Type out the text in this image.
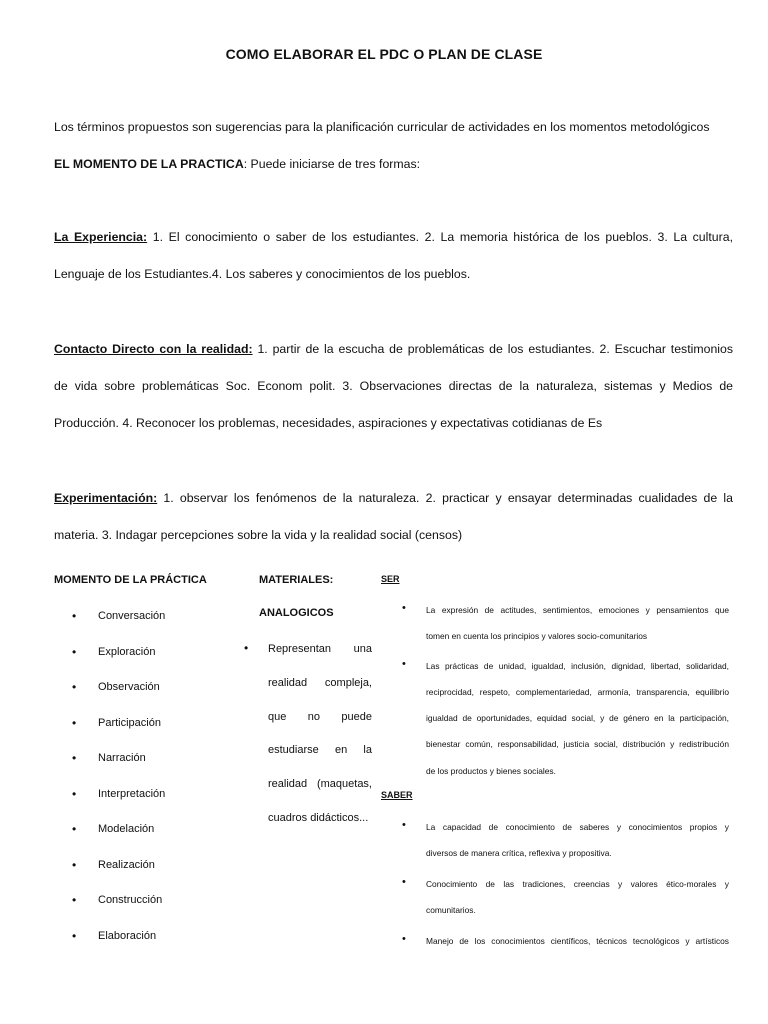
COMO ELABORAR EL PDC O PLAN DE CLASE
Los términos propuestos son sugerencias para la planificación curricular de actividades en los momentos metodológicos
EL MOMENTO DE LA PRACTICA: Puede iniciarse de tres formas:
La Experiencia: 1. El conocimiento o saber de los estudiantes. 2. La memoria histórica de los pueblos. 3. La cultura,
Lenguaje de los Estudiantes.4. Los saberes y conocimientos de los pueblos.
Contacto Directo con la realidad: 1. partir de la escucha de problemáticas de los estudiantes. 2. Escuchar testimonios
de vida sobre problemáticas Soc. Econom polit. 3. Observaciones directas de la naturaleza, sistemas y Medios de
Producción. 4. Reconocer los problemas, necesidades, aspiraciones y expectativas cotidianas de Es
Experimentación: 1. observar los fenómenos de la naturaleza. 2. practicar y ensayar determinadas cualidades de la
materia. 3. Indagar percepciones sobre la vida y la realidad social (censos)
MOMENTO DE LA PRÁCTICA
• Conversación
• Exploración
• Observación
• Participación
• Narración
• Interpretación
• Modelación
• Realización
• Construcción
• Elaboración
MATERIALES:
ANALOGICOS
• Representan una
realidad compleja,
que no puede
estudiarse en la
realidad (maquetas,
cuadros didácticos...
SER
• La expresión de actitudes, sentimientos, emociones y pensamientos que
tomen en cuenta los principios y valores socio-comunitarios
• Las prácticas de unidad, igualdad, inclusión, dignidad, libertad, solidaridad,
reciprocidad, respeto, complementariedad, armonía, transparencia, equilibrio
igualdad de oportunidades, equidad social, y de género en la participación,
bienestar común, responsabilidad, justicia social, distribución y redistribución
de los productos y bienes sociales.
SABER
• La capacidad de conocimiento de saberes y conocimientos propios y
diversos de manera crítica, reflexiva y propositiva.
• Conocimiento de las tradiciones, creencias y valores ético-morales y
comunitarios.
• Manejo de los conocimientos científicos, técnicos tecnológicos y artísticos
